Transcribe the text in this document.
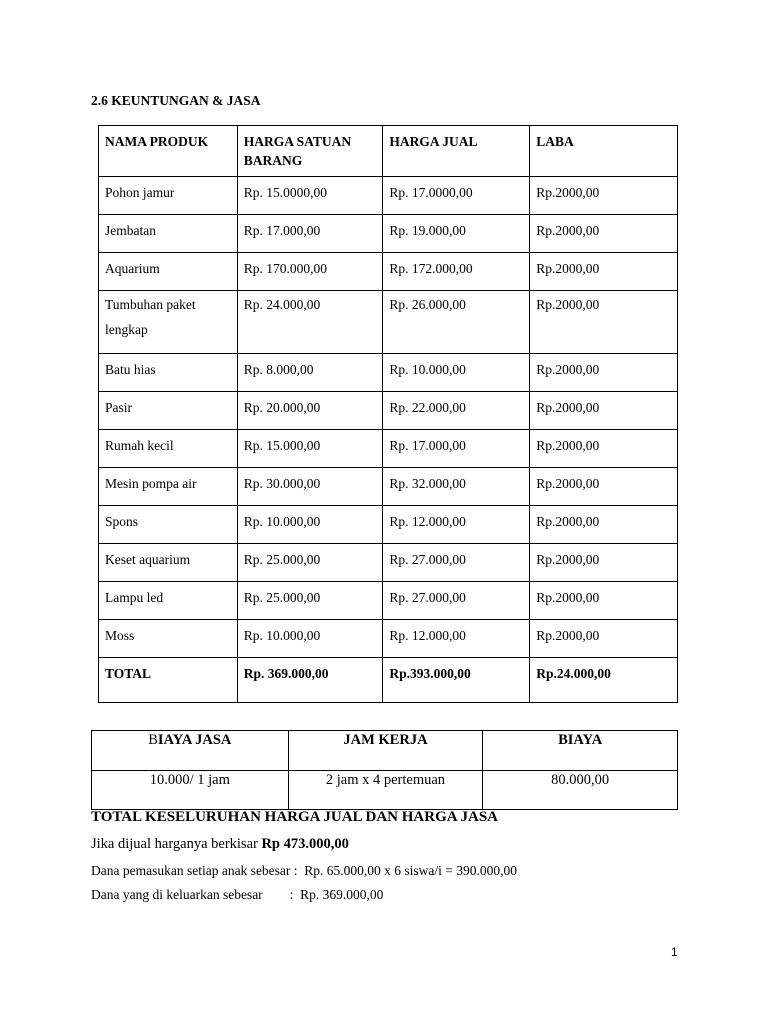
2.6 KEUNTUNGAN & JASA

NAMA PRODUK	HARGA SATUAN BARANG	HARGA JUAL	LABA
Pohon jamur	Rp. 15.0000,00	Rp. 17.0000,00	Rp.2000,00
Jembatan	Rp. 17.000,00	Rp. 19.000,00	Rp.2000,00
Aquarium	Rp. 170.000,00	Rp. 172.000,00	Rp.2000,00
Tumbuhan paket lengkap	Rp. 24.000,00	Rp. 26.000,00	Rp.2000,00
Batu hias	Rp. 8.000,00	Rp. 10.000,00	Rp.2000,00
Pasir	Rp. 20.000,00	Rp. 22.000,00	Rp.2000,00
Rumah kecil	Rp. 15.000,00	Rp. 17.000,00	Rp.2000,00
Mesin pompa air	Rp. 30.000,00	Rp. 32.000,00	Rp.2000,00
Spons	Rp. 10.000,00	Rp. 12.000,00	Rp.2000,00
Keset aquarium	Rp. 25.000,00	Rp. 27.000,00	Rp.2000,00
Lampu led	Rp. 25.000,00	Rp. 27.000,00	Rp.2000,00
Moss	Rp. 10.000,00	Rp. 12.000,00	Rp.2000,00
TOTAL	Rp. 369.000,00	Rp.393.000,00	Rp.24.000,00
BIAYA JASA	JAM KERJA	BIAYA
10.000/ 1 jam	2 jam x 4 pertemuan	80.000,00

TOTAL KESELURUHAN HARGA JUAL DAN HARGA JASA

Jika dijual harganya berkisar Rp 473.000,00

Dana pemasukan setiap anak sebesar :  Rp. 65.000,00 x 6 siswa/i = 390.000,00

Dana yang di keluarkan sebesar        :  Rp. 369.000,00

1
